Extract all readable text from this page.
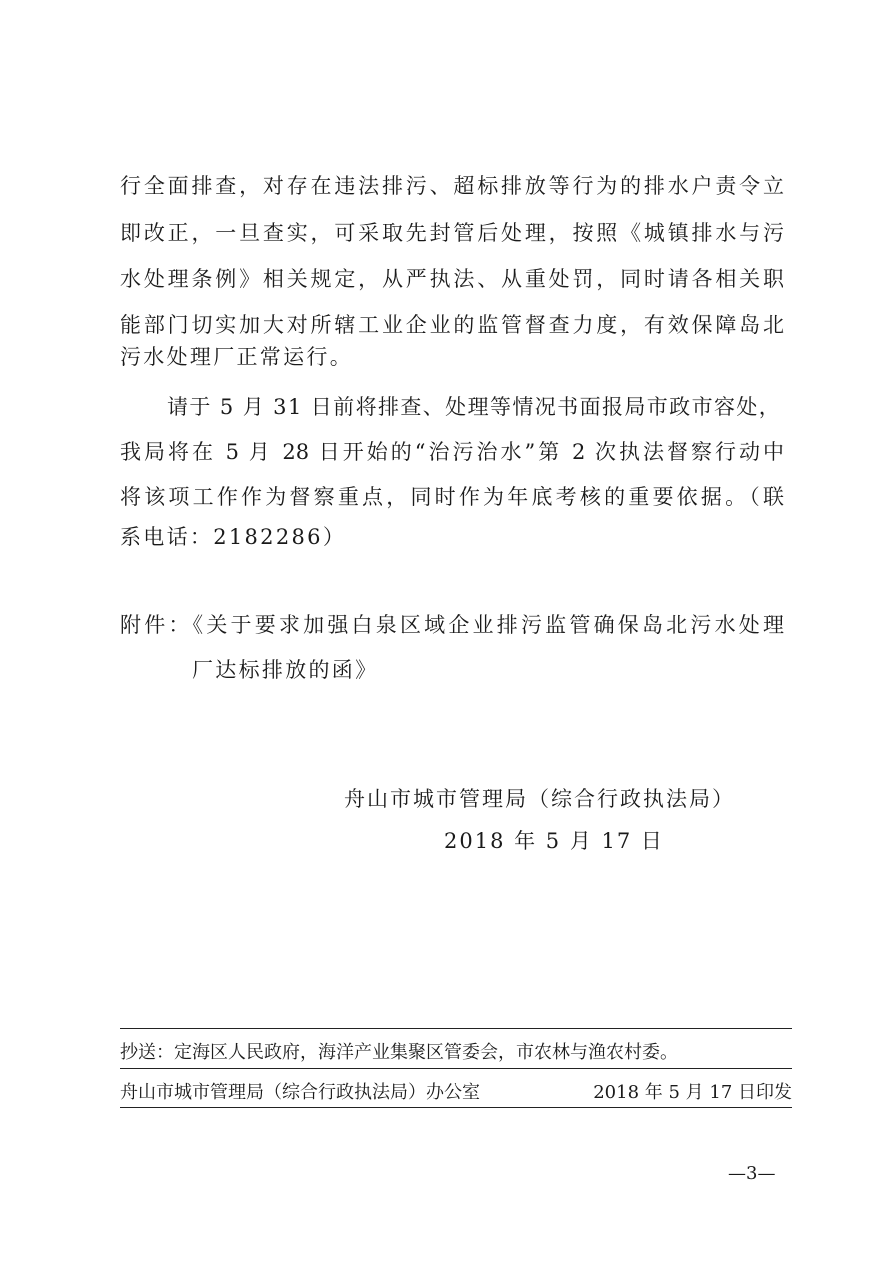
行全面排查，对存在违法排污、超标排放等行为的排水户责令立
即改正，一旦查实，可采取先封管后处理，按照《城镇排水与污
水处理条例》相关规定，从严执法、从重处罚，同时请各相关职
能部门切实加大对所辖工业企业的监管督查力度，有效保障岛北
污水处理厂正常运行。
请于 5 月 31 日前将排查、处理等情况书面报局市政市容处，
我局将在 5 月 28 日开始的“治污治水”第 2 次执法督察行动中
将该项工作作为督察重点，同时作为年底考核的重要依据。（联
系电话：2182286）
附件：《关于要求加强白泉区域企业排污监管确保岛北污水处理
厂达标排放的函》
舟山市城市管理局（综合行政执法局）
2018 年 5 月 17 日
抄送：定海区人民政府，海洋产业集聚区管委会，市农林与渔农村委。
舟山市城市管理局（综合行政执法局）办公室	2018 年 5 月 17 日印发
—3—
